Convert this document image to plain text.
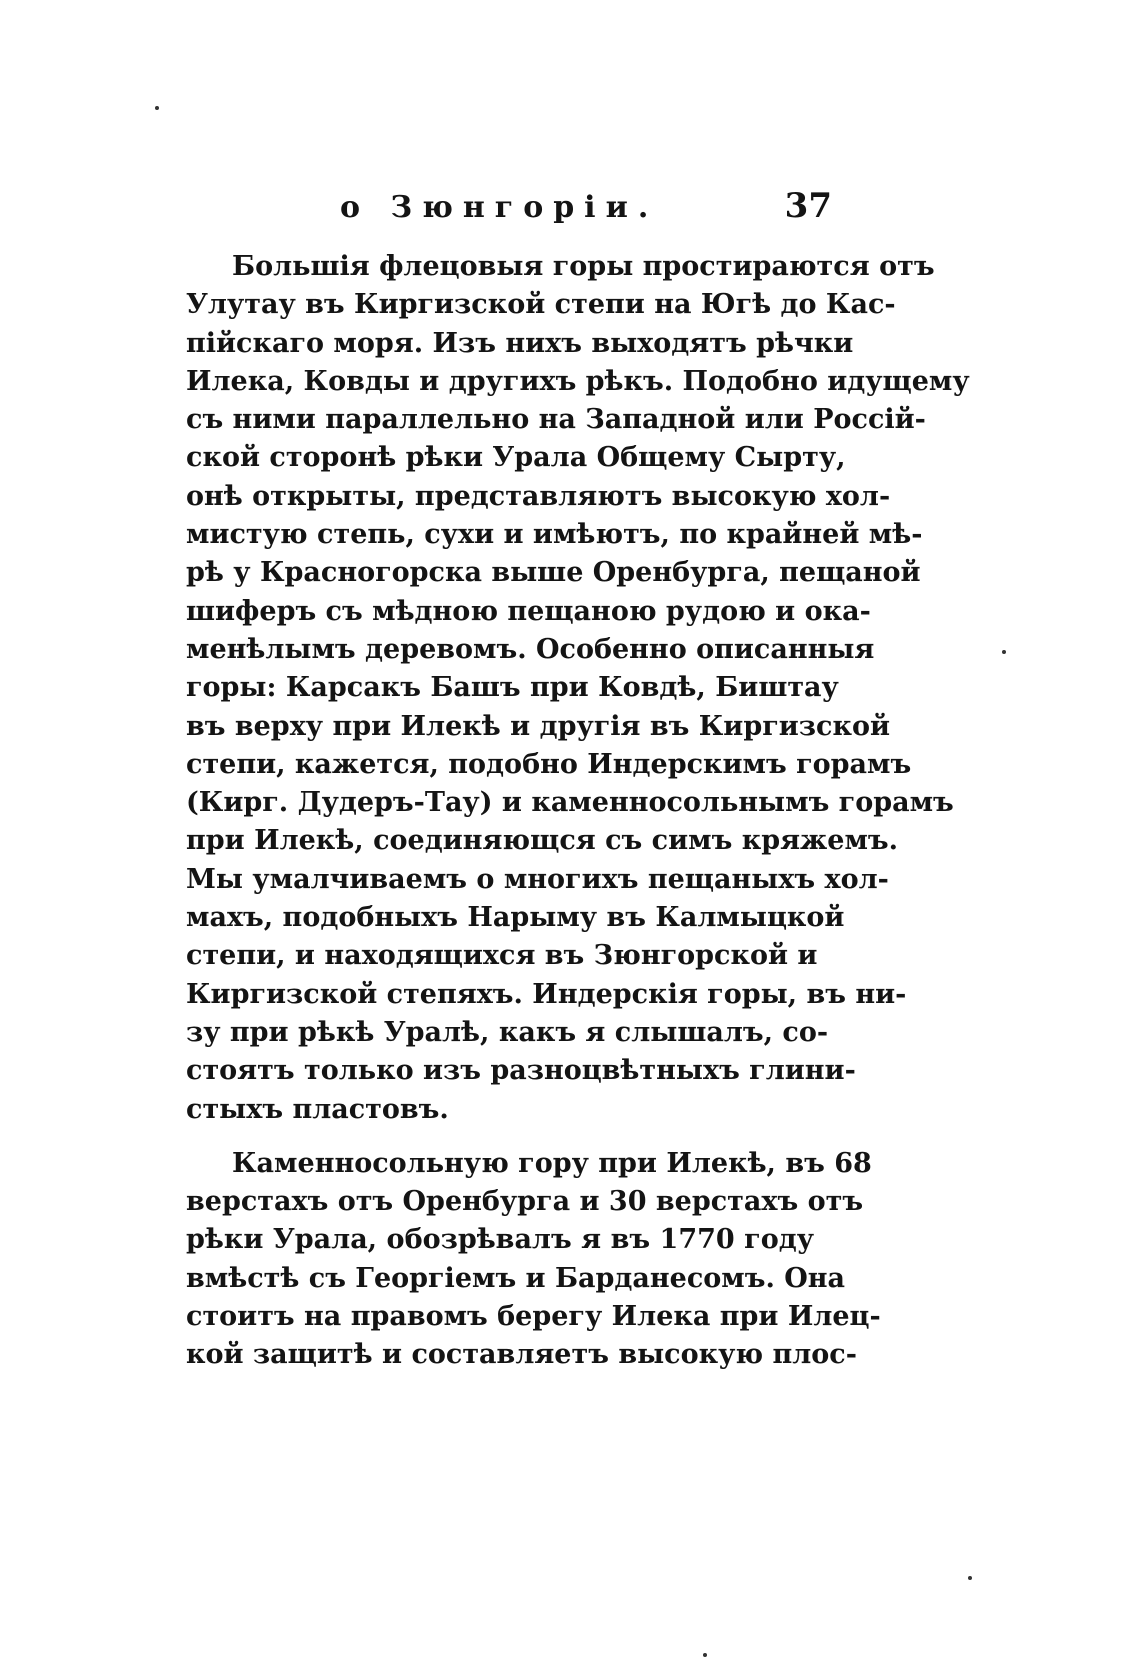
о Зюнгоріи.	37
Большія флецовыя горы простираются отъ
Улутау въ Киргизской степи на Югѣ до Кас-
пійскаго моря. Изъ нихъ выходятъ рѣчки
Илека, Ковды и другихъ рѣкъ. Подобно идущему
съ ними параллельно на Западной или Россій-
ской сторонѣ рѣки Урала Общему Сырту,
онѣ открыты, представляютъ высокую хол-
мистую степь, сухи и имѣютъ, по крайней мѣ-
рѣ у Красногорска выше Оренбурга, пещаной
шиферъ съ мѣдною пещаною рудою и ока-
менѣлымъ деревомъ. Особенно описанныя
горы: Карсакъ Башъ при Ковдѣ, Биштау
въ верху при Илекѣ и другія въ Киргизской
степи, кажется, подобно Индерскимъ горамъ
(Кирг. Дудеръ-Тау) и каменносольнымъ горамъ
при Илекѣ, соединяющся съ симъ кряжемъ.
Мы умалчиваемъ о многихъ пещаныхъ хол-
махъ, подобныхъ Нарыму въ Калмыцкой
степи, и находящихся въ Зюнгорской и
Киргизской степяхъ. Индерскія горы, въ ни-
зу при рѣкѣ Уралѣ, какъ я слышалъ, со-
стоятъ только изъ разноцвѣтныхъ глини-
стыхъ пластовъ.
Каменносольную гору при Илекѣ, въ 68
верстахъ отъ Оренбурга и 30 верстахъ отъ
рѣки Урала, обозрѣвалъ я въ 1770 году
вмѣстѣ съ Георгіемъ и Барданесомъ. Она
стоитъ на правомъ берегу Илека при Илец-
кой защитѣ и составляетъ высокую плос-
